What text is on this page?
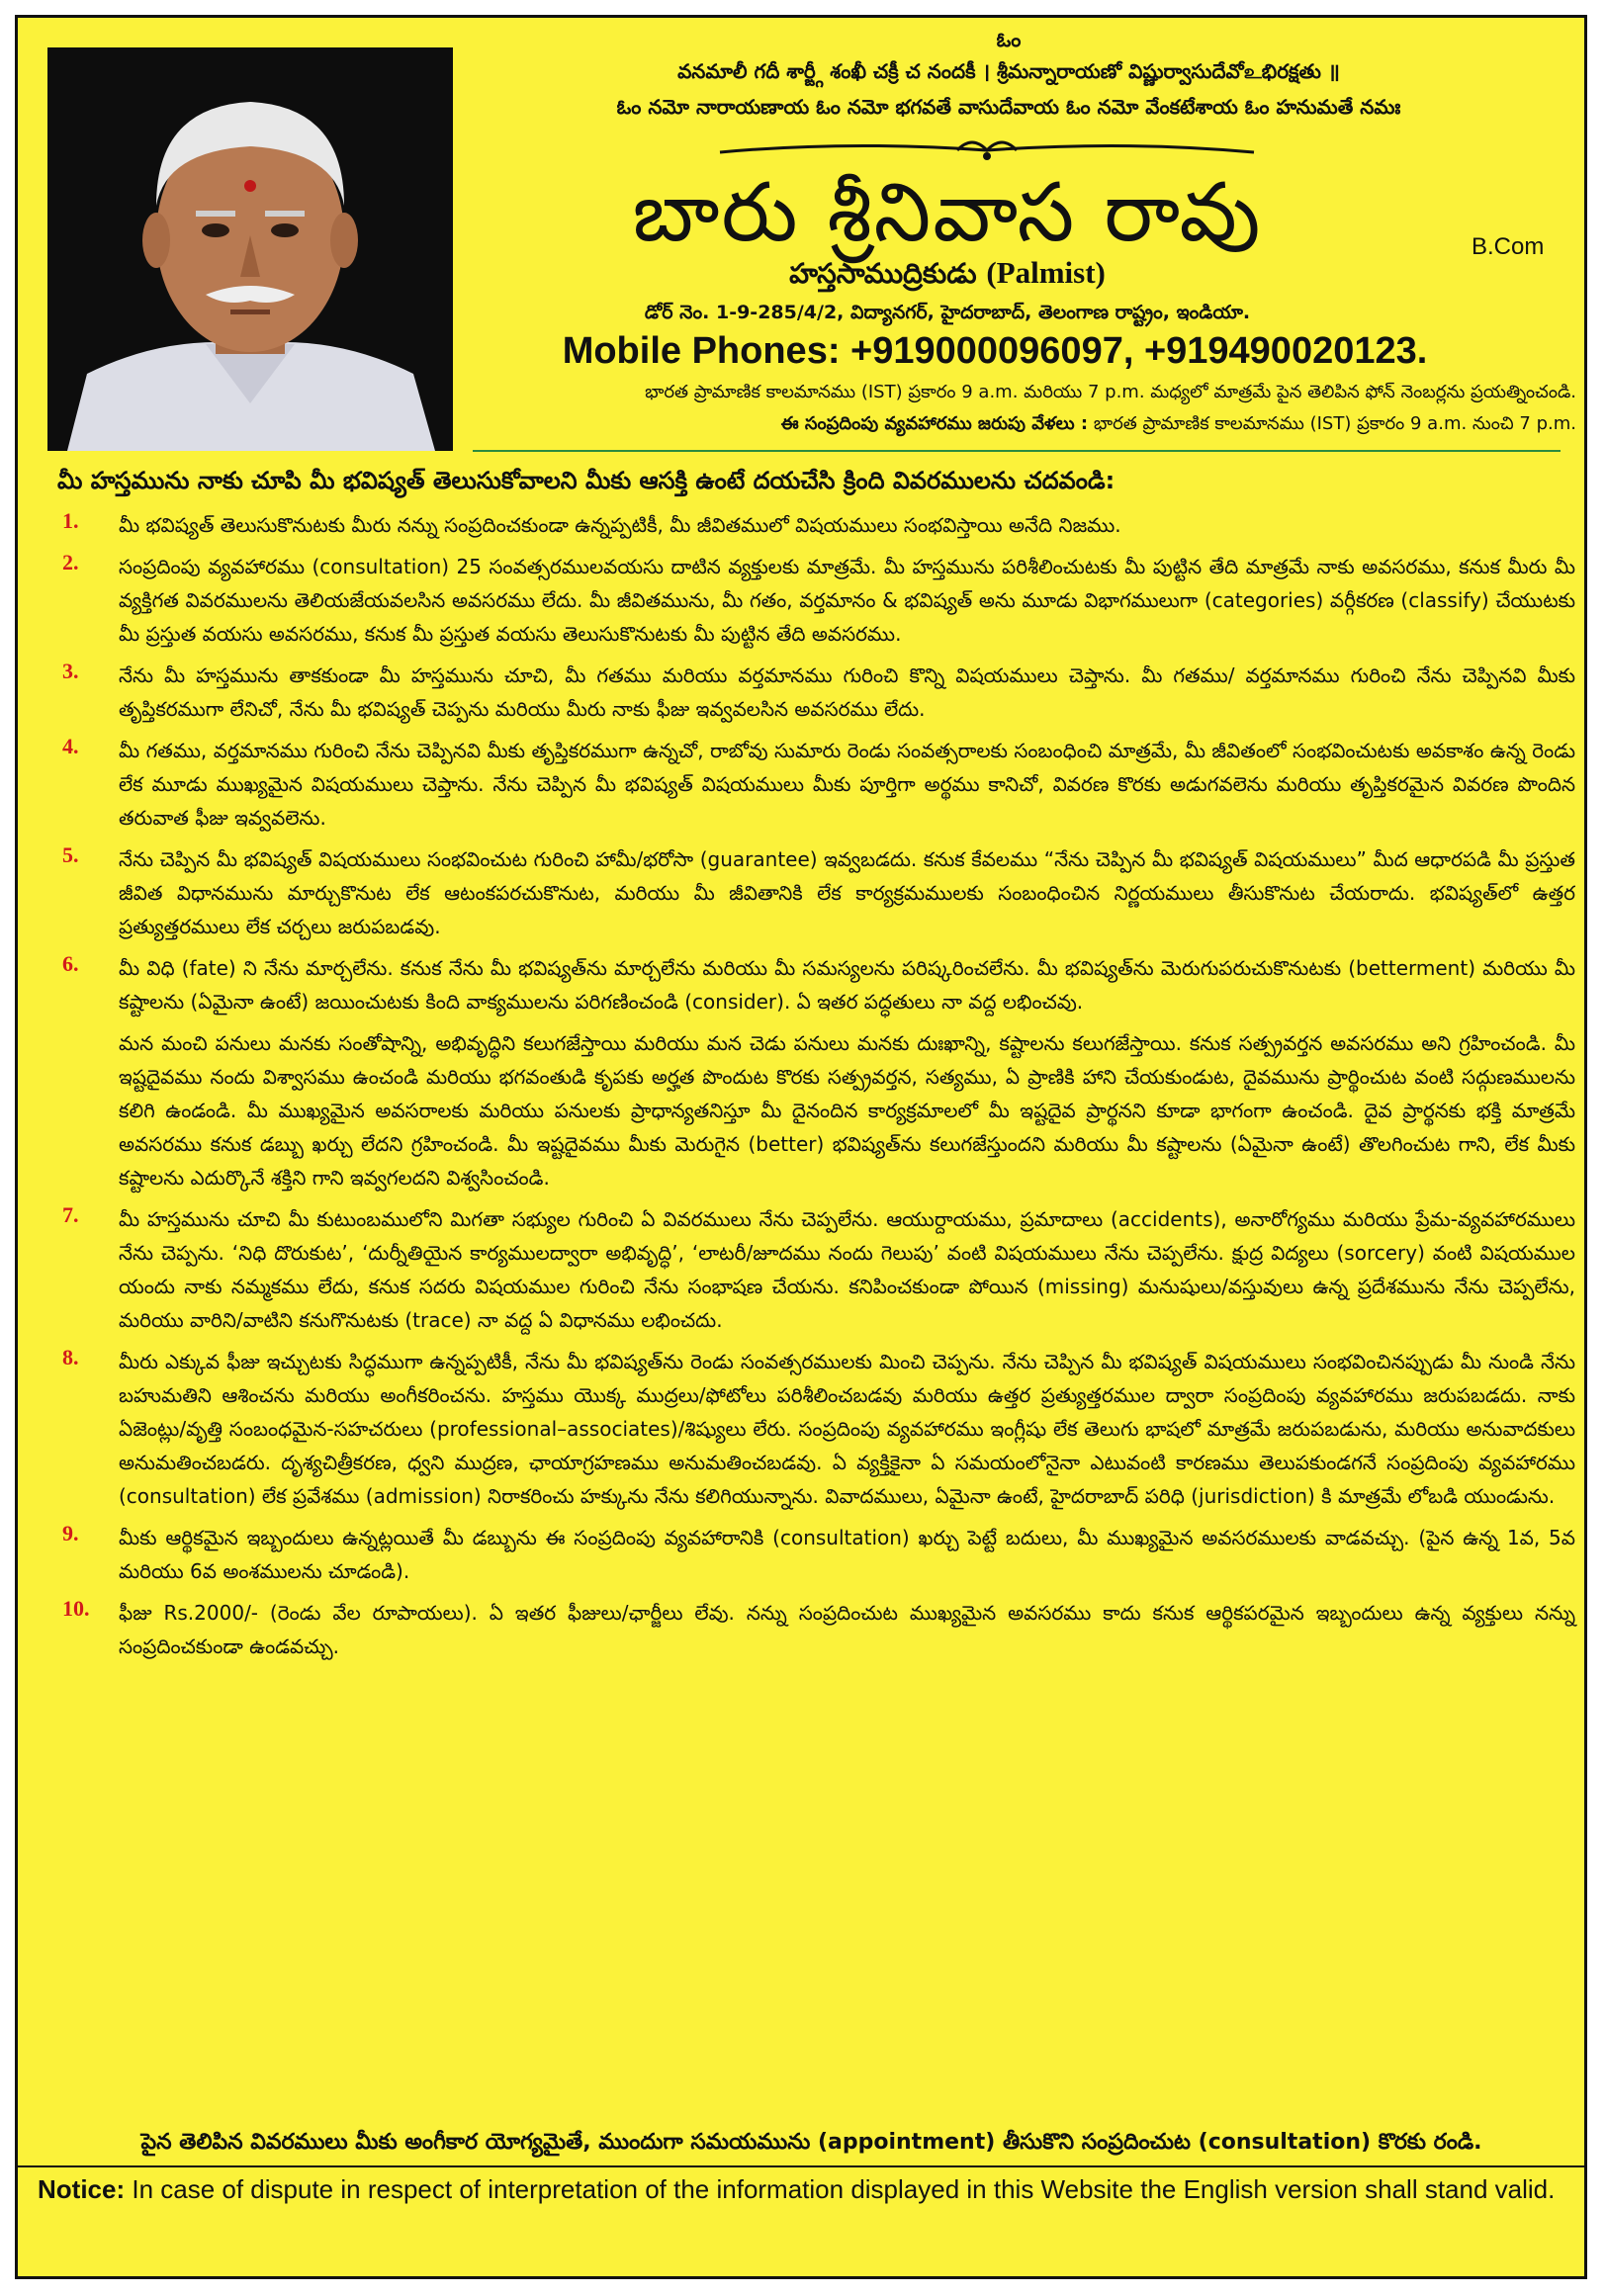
ఓం
వనమాలీ గదీ శార్ఙ్గీ శంఖీ చక్రీ చ నందకీ । శ్రీమన్నారాయణో విష్ణుర్వాసుదేవోஉభిరక్షతు ॥
ఓం నమో నారాయణాయ ఓం నమో భగవతే వాసుదేవాయ ఓం నమో వేంకటేశాయ ఓం హనుమతే నమః
బారు శ్రీనివాస రావు	B.Com
హస్తసాముద్రికుడు (Palmist)
డోర్ నెం. 1-9-285/4/2, విద్యానగర్, హైదరాబాద్, తెలంగాణ రాష్ట్రం, ఇండియా.
Mobile Phones: +919000096097, +919490020123.
భారత ప్రామాణిక కాలమానము (IST) ప్రకారం 9 a.m. మరియు 7 p.m. మధ్యలో మాత్రమే పైన తెలిపిన ఫోన్ నెంబర్లను ప్రయత్నించండి.
ఈ సంప్రదింపు వ్యవహారము జరుపు వేళలు : భారత ప్రామాణిక కాలమానము (IST) ప్రకారం 9 a.m. నుంచి 7 p.m.
మీ హస్తమును నాకు చూపి మీ భవిష్యత్ తెలుసుకోవాలని మీకు ఆసక్తి ఉంటే దయచేసి క్రింది వివరములను చదవండి:
1. మీ భవిష్యత్ తెలుసుకొనుటకు మీరు నన్ను సంప్రదించకుండా ఉన్నప్పటికీ, మీ జీవితములో విషయములు సంభవిస్తాయి అనేది నిజము.
2. సంప్రదింపు వ్యవహారము (consultation) 25 సంవత్సరములవయసు దాటిన వ్యక్తులకు మాత్రమే. మీ హస్తమును పరిశీలించుటకు మీ పుట్టిన తేది మాత్రమే నాకు అవసరము, కనుక మీరు మీ వ్యక్తిగత వివరములను తెలియజేయవలసిన అవసరము లేదు. మీ జీవితమును, మీ గతం, వర్తమానం & భవిష్యత్ అను మూడు విభాగములుగా (categories) వర్గీకరణ (classify) చేయుటకు మీ ప్రస్తుత వయసు అవసరము, కనుక మీ ప్రస్తుత వయసు తెలుసుకొనుటకు మీ పుట్టిన తేది అవసరము.
3. నేను మీ హస్తమును తాకకుండా మీ హస్తమును చూచి, మీ గతము మరియు వర్తమానము గురించి కొన్ని విషయములు చెప్తాను. మీ గతము/ వర్తమానము గురించి నేను చెప్పినవి మీకు తృప్తికరముగా లేనిచో, నేను మీ భవిష్యత్ చెప్పను మరియు మీరు నాకు ఫీజు ఇవ్వవలసిన అవసరము లేదు.
4. మీ గతము, వర్తమానము గురించి నేను చెప్పినవి మీకు తృప్తికరముగా ఉన్నచో, రాబోవు సుమారు రెండు సంవత్సరాలకు సంబంధించి మాత్రమే, మీ జీవితంలో సంభవించుటకు అవకాశం ఉన్న రెండు లేక మూడు ముఖ్యమైన విషయములు చెప్తాను. నేను చెప్పిన మీ భవిష్యత్ విషయములు మీకు పూర్తిగా అర్థము కానిచో, వివరణ కొరకు అడుగవలెను మరియు తృప్తికరమైన వివరణ పొందిన తరువాత ఫీజు ఇవ్వవలెను.
5. నేను చెప్పిన మీ భవిష్యత్ విషయములు సంభవించుట గురించి హామీ/భరోసా (guarantee) ఇవ్వబడదు. కనుక కేవలము “నేను చెప్పిన మీ భవిష్యత్ విషయములు” మీద ఆధారపడి మీ ప్రస్తుత జీవిత విధానమును మార్చుకొనుట లేక ఆటంకపరచుకొనుట, మరియు మీ జీవితానికి లేక కార్యక్రమములకు సంబంధించిన నిర్ణయములు తీసుకొనుట చేయరాదు. భవిష్యత్‌లో ఉత్తర ప్రత్యుత్తరములు లేక చర్చలు జరుపబడవు.
6. మీ విధి (fate) ని నేను మార్చలేను. కనుక నేను మీ భవిష్యత్‌ను మార్చలేను మరియు మీ సమస్యలను పరిష్కరించలేను. మీ భవిష్యత్‌ను మెరుగుపరుచుకొనుటకు (betterment) మరియు మీ కష్టాలను (ఏమైనా ఉంటే) జయించుటకు కింది వాక్యములను పరిగణించండి (consider). ఏ ఇతర పద్ధతులు నా వద్ద లభించవు.
మన మంచి పనులు మనకు సంతోషాన్ని, అభివృద్ధిని కలుగజేస్తాయి మరియు మన చెడు పనులు మనకు దుఃఖాన్ని, కష్టాలను కలుగజేస్తాయి. కనుక సత్ప్రవర్తన అవసరము అని గ్రహించండి. మీ ఇష్టదైవము నందు విశ్వాసము ఉంచండి మరియు భగవంతుడి కృపకు అర్హత పొందుట కొరకు సత్ప్రవర్తన, సత్యము, ఏ ప్రాణికి హాని చేయకుండుట, దైవమును ప్రార్థించుట వంటి సద్గుణములను కలిగి ఉండండి. మీ ముఖ్యమైన అవసరాలకు మరియు పనులకు ప్రాధాన్యతనిస్తూ మీ దైనందిన కార్యక్రమాలలో మీ ఇష్టదైవ ప్రార్థనని కూడా భాగంగా ఉంచండి. దైవ ప్రార్థనకు భక్తి మాత్రమే అవసరము కనుక డబ్బు ఖర్చు లేదని గ్రహించండి. మీ ఇష్టదైవము మీకు మెరుగైన (better) భవిష్యత్‌ను కలుగజేస్తుందని మరియు మీ కష్టాలను (ఏమైనా ఉంటే) తొలగించుట గాని, లేక మీకు కష్టాలను ఎదుర్కొనే శక్తిని గాని ఇవ్వగలదని విశ్వసించండి.
7. మీ హస్తమును చూచి మీ కుటుంబములోని మిగతా సభ్యుల గురించి ఏ వివరములు నేను చెప్పలేను. ఆయుర్దాయము, ప్రమాదాలు (accidents), అనారోగ్యము మరియు ప్రేమ-వ్యవహారములు నేను చెప్పను. ‘నిధి దొరుకుట’, ‘దుర్నీతియైన కార్యములద్వారా అభివృద్ధి’, ‘లాటరీ/జూదము నందు గెలుపు’ వంటి విషయములు నేను చెప్పలేను. క్షుద్ర విద్యలు (sorcery) వంటి విషయముల యందు నాకు నమ్మకము లేదు, కనుక సదరు విషయముల గురించి నేను సంభాషణ చేయను. కనిపించకుండా పోయిన (missing) మనుషులు/వస్తువులు ఉన్న ప్రదేశమును నేను చెప్పలేను, మరియు వారిని/వాటిని కనుగొనుటకు (trace) నా వద్ద ఏ విధానము లభించదు.
8. మీరు ఎక్కువ ఫీజు ఇచ్చుటకు సిద్ధముగా ఉన్నప్పటికీ, నేను మీ భవిష్యత్‌ను రెండు సంవత్సరములకు మించి చెప్పను. నేను చెప్పిన మీ భవిష్యత్ విషయములు సంభవించినప్పుడు మీ నుండి నేను బహుమతిని ఆశించను మరియు అంగీకరించను. హస్తము యొక్క ముద్రలు/ఫోటోలు పరిశీలించబడవు మరియు ఉత్తర ప్రత్యుత్తరముల ద్వారా సంప్రదింపు వ్యవహారము జరుపబడదు. నాకు ఏజెంట్లు/వృత్తి సంబంధమైన-సహచరులు (professional–associates)/శిష్యులు లేరు. సంప్రదింపు వ్యవహారము ఇంగ్లీషు లేక తెలుగు భాషలో మాత్రమే జరుపబడును, మరియు అనువాదకులు అనుమతించబడరు. దృశ్యచిత్రీకరణ, ధ్వని ముద్రణ, ఛాయాగ్రహణము అనుమతించబడవు. ఏ వ్యక్తికైనా ఏ సమయంలోనైనా ఎటువంటి కారణము తెలుపకుండగనే సంప్రదింపు వ్యవహారము (consultation) లేక ప్రవేశము (admission) నిరాకరించు హక్కును నేను కలిగియున్నాను. వివాదములు, ఏమైనా ఉంటే, హైదరాబాద్ పరిధి (jurisdiction) కి మాత్రమే లోబడి యుండును.
9. మీకు ఆర్థికమైన ఇబ్బందులు ఉన్నట్లయితే మీ డబ్బును ఈ సంప్రదింపు వ్యవహారానికి (consultation) ఖర్చు పెట్టే బదులు, మీ ముఖ్యమైన అవసరములకు వాడవచ్చు. (పైన ఉన్న 1వ, 5వ మరియు 6వ అంశములను చూడండి).
10. ఫీజు Rs.2000/- (రెండు వేల రూపాయలు). ఏ ఇతర ఫీజులు/ఛార్జీలు లేవు. నన్ను సంప్రదించుట ముఖ్యమైన అవసరము కాదు కనుక ఆర్థికపరమైన ఇబ్బందులు ఉన్న వ్యక్తులు నన్ను సంప్రదించకుండా ఉండవచ్చు.
పైన తెలిపిన వివరములు మీకు అంగీకార యోగ్యమైతే, ముందుగా సమయమును (appointment) తీసుకొని సంప్రదించుట (consultation) కొరకు రండి.
Notice: In case of dispute in respect of interpretation of the information displayed in this Website the English version shall stand valid.
